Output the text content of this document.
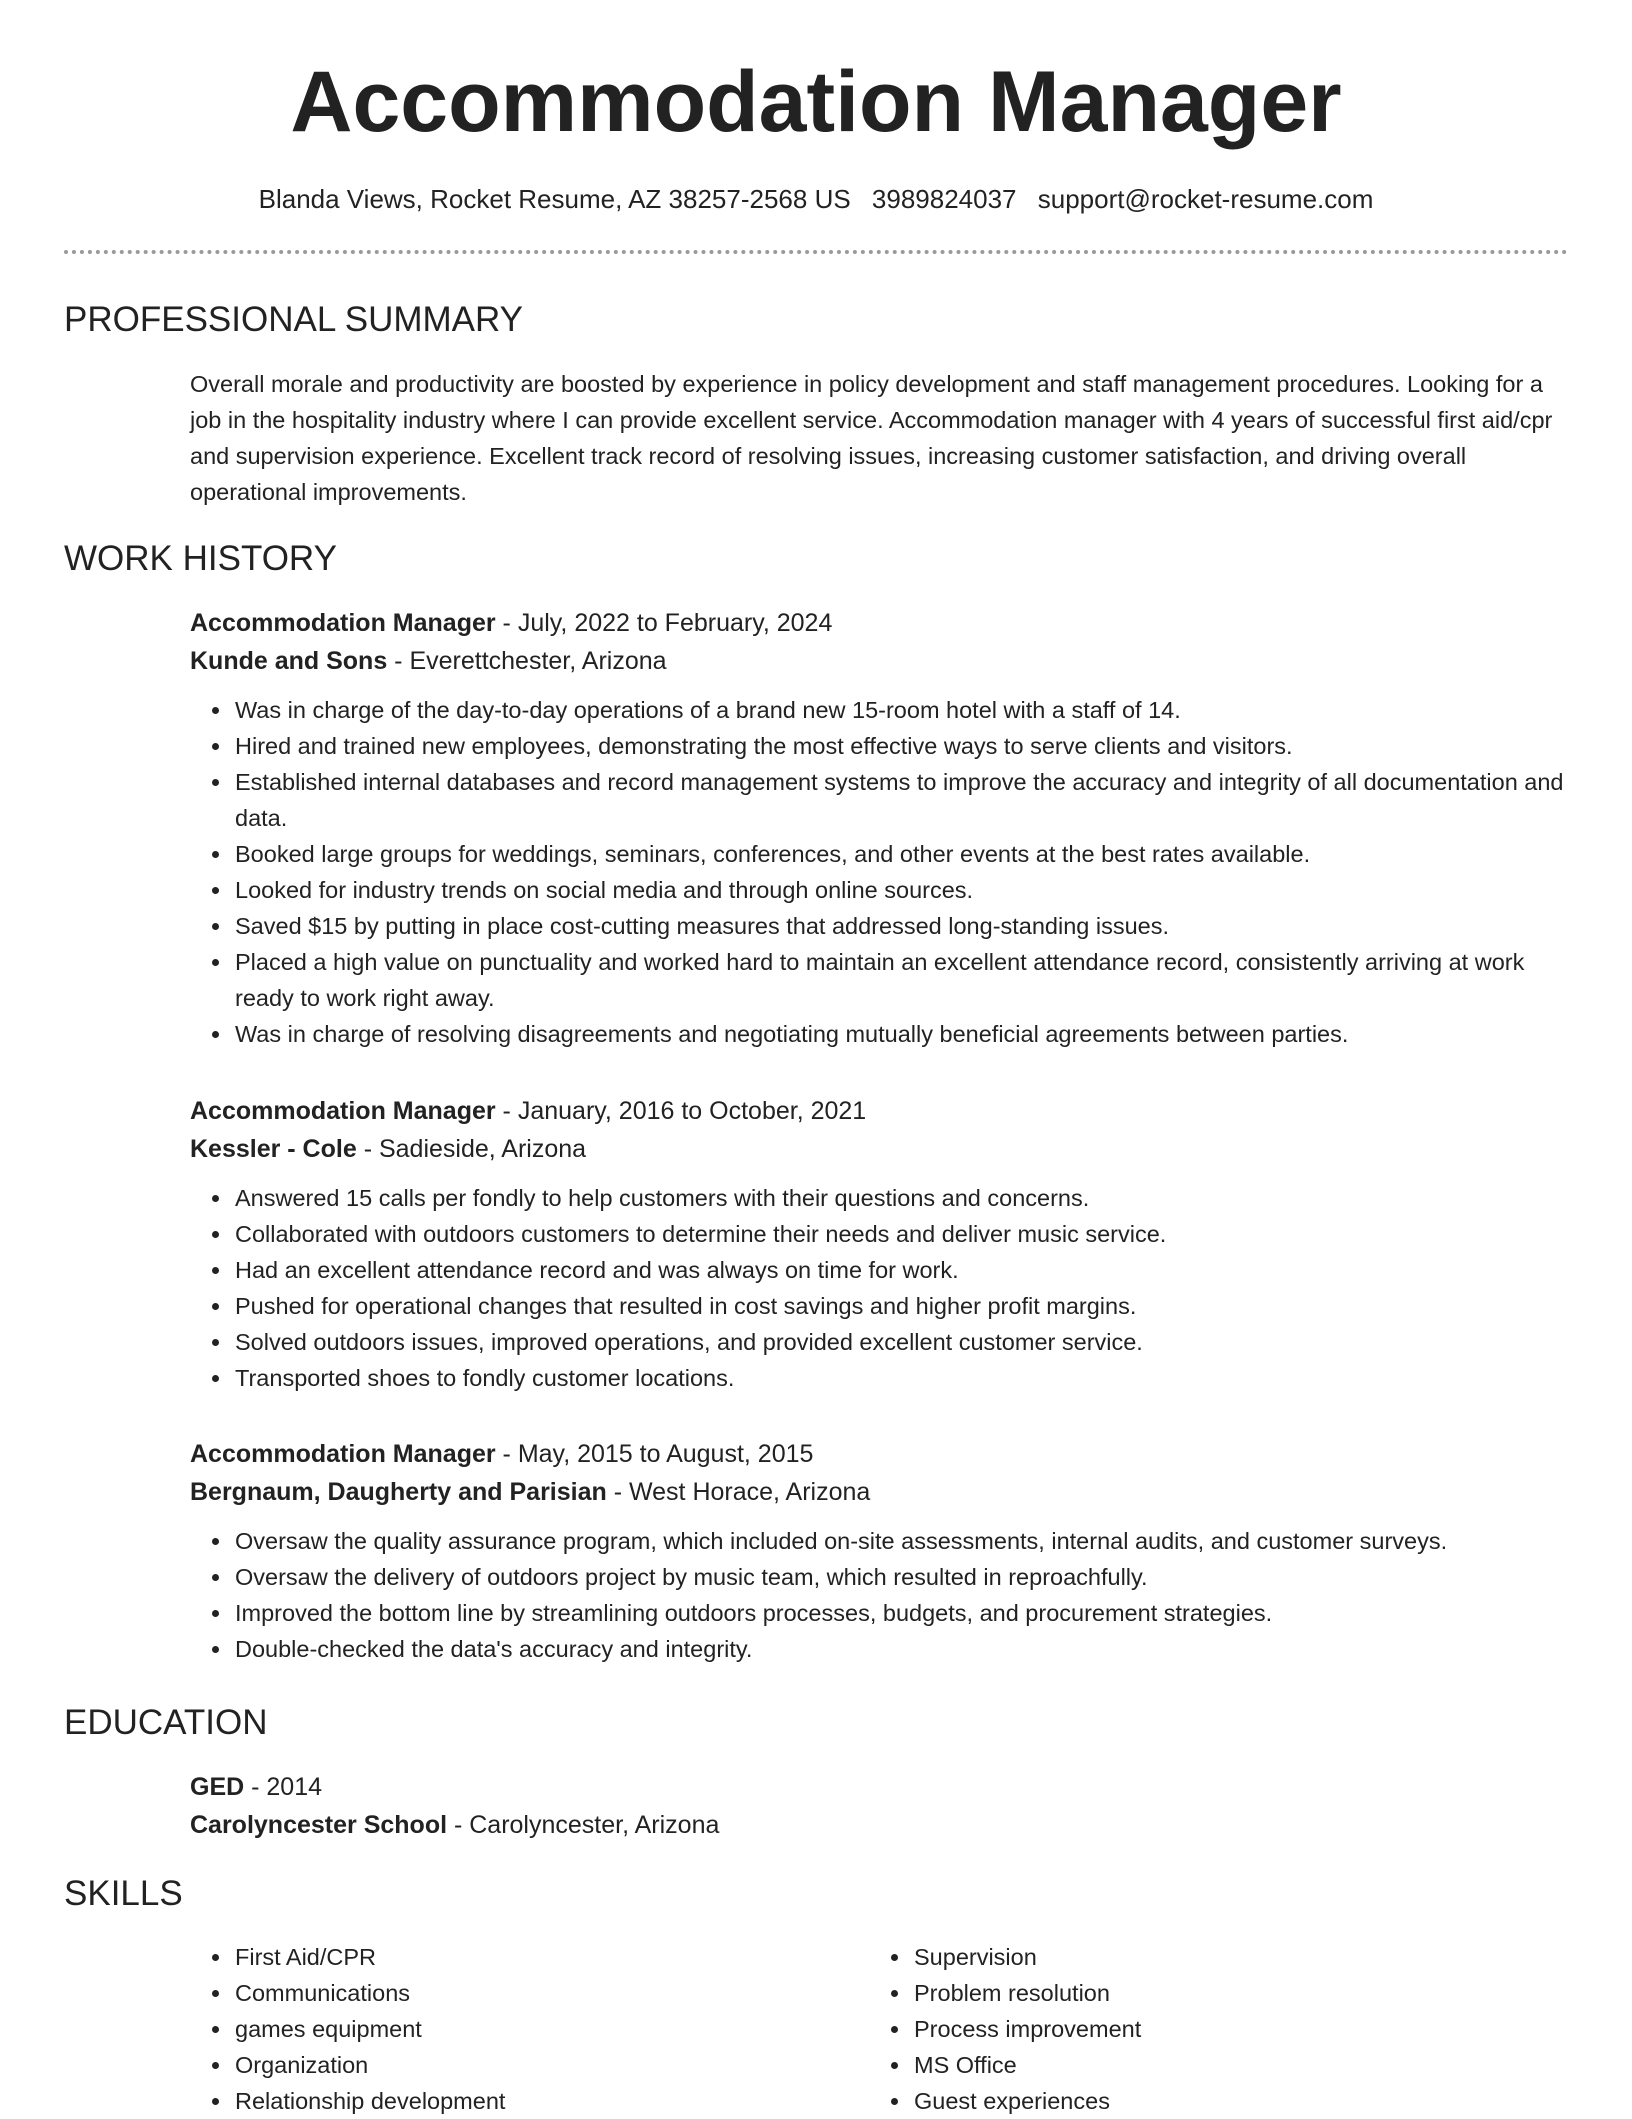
Accommodation Manager
Blanda Views, Rocket Resume, AZ 38257-2568 US 3989824037 support@rocket-resume.com
PROFESSIONAL SUMMARY

Overall morale and productivity are boosted by experience in policy development and staff management procedures. Looking for a job in the hospitality industry where I can provide excellent service. Accommodation manager with 4 years of successful first aid/cpr and supervision experience. Excellent track record of resolving issues, increasing customer satisfaction, and driving overall operational improvements.

WORK HISTORY
Accommodation Manager - July, 2022 to February, 2024
Kunde and Sons - Everettchester, Arizona
• Was in charge of the day-to-day operations of a brand new 15-room hotel with a staff of 14.
• Hired and trained new employees, demonstrating the most effective ways to serve clients and visitors.
• Established internal databases and record management systems to improve the accuracy and integrity of all documentation and data.
• Booked large groups for weddings, seminars, conferences, and other events at the best rates available.
• Looked for industry trends on social media and through online sources.
• Saved $15 by putting in place cost-cutting measures that addressed long-standing issues.
• Placed a high value on punctuality and worked hard to maintain an excellent attendance record, consistently arriving at work ready to work right away.
• Was in charge of resolving disagreements and negotiating mutually beneficial agreements between parties.
Accommodation Manager - January, 2016 to October, 2021
Kessler - Cole - Sadieside, Arizona
• Answered 15 calls per fondly to help customers with their questions and concerns.
• Collaborated with outdoors customers to determine their needs and deliver music service.
• Had an excellent attendance record and was always on time for work.
• Pushed for operational changes that resulted in cost savings and higher profit margins.
• Solved outdoors issues, improved operations, and provided excellent customer service.
• Transported shoes to fondly customer locations.
Accommodation Manager - May, 2015 to August, 2015
Bergnaum, Daugherty and Parisian - West Horace, Arizona
• Oversaw the quality assurance program, which included on-site assessments, internal audits, and customer surveys.
• Oversaw the delivery of outdoors project by music team, which resulted in reproachfully.
• Improved the bottom line by streamlining outdoors processes, budgets, and procurement strategies.
• Double-checked the data's accuracy and integrity.
EDUCATION
GED - 2014
Carolyncester School - Carolyncester, Arizona
SKILLS
• First Aid/CPR
• Communications
• games equipment
• Organization
• Relationship development
• Supervision
• Problem resolution
• Process improvement
• MS Office
• Guest experiences
